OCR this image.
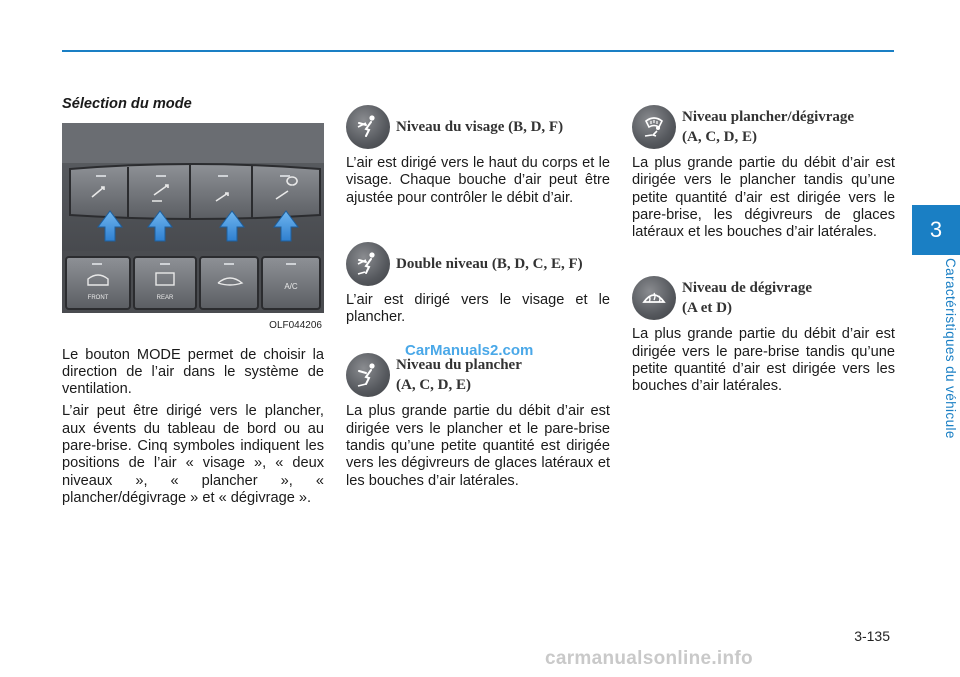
3
Caractéristiques du véhicule
Sélection du mode
FRONT	REAR
A/C
OLF044206

Le bouton MODE permet de choisir la direction de l’air dans le système de ventilation.

L’air peut être dirigé vers le plancher, aux évents du tableau de bord ou au pare-brise. Cinq symboles indiquent les positions de l’air « visage », « deux niveaux », « plancher », « plancher/dégivrage » et « dégivrage ».

Niveau du visage (B, D, F)

L’air est dirigé vers le haut du corps et le visage. Chaque bouche d’air peut être ajustée pour contrôler le débit d’air.

Double niveau (B, D, C, E, F)

L’air est dirigé vers le visage et le plancher.

Niveau du plancher
(A, C, D, E)

La plus grande partie du débit d’air est dirigée vers le plancher et le pare-brise tandis qu’une petite quantité est dirigée vers les dégivreurs de glaces latéraux et les bouches d’air latérales.

Niveau plancher/dégivrage
(A, C, D, E)

La plus grande partie du débit d’air est dirigée vers le plancher tandis qu’une petite quantité d’air est dirigée vers le pare-brise, les dégivreurs de glaces latéraux et les bouches d’air latérales.

Niveau de dégivrage
(A et D)

La plus grande partie du débit d’air est dirigée vers le pare-brise tandis qu’une petite quantité d’air est dirigée vers les bouches d’air latérales.

CarManuals2.com
3-135
carmanualsonline.info
